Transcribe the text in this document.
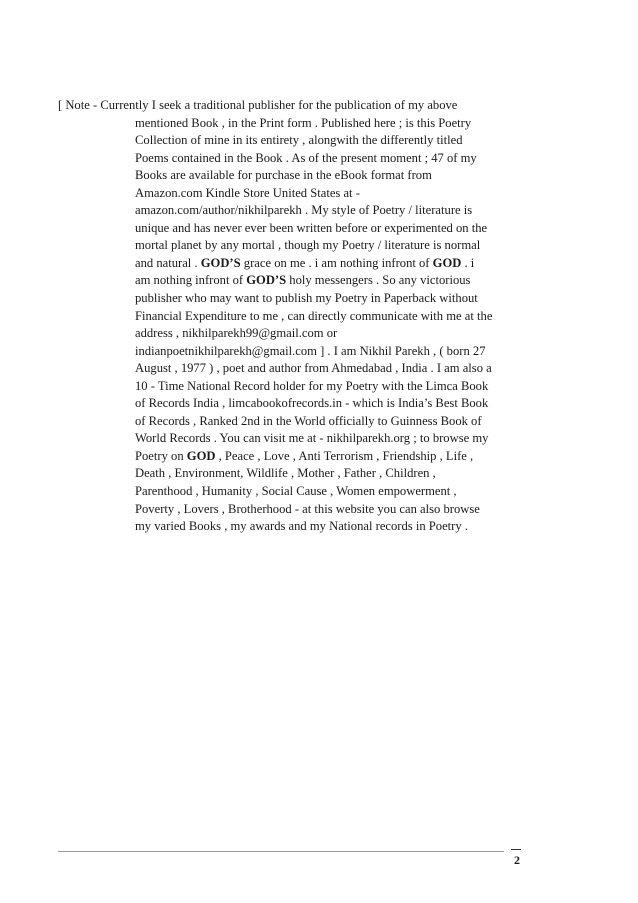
[ Note - Currently I seek a traditional publisher for the publication of my above
mentioned Book , in the Print form . Published here ; is this Poetry
Collection of mine in its entirety , alongwith the differently titled
Poems contained in the Book . As of the present moment ; 47 of my
Books are available for purchase in the eBook format from
Amazon.com Kindle Store United States at -
amazon.com/author/nikhilparekh . My style of Poetry / literature is
unique and has never ever been written before or experimented on the
mortal planet by any mortal , though my Poetry / literature is normal
and natural . GOD’S grace on me . i am nothing infront of GOD . i
am nothing infront of GOD’S holy messengers . So any victorious
publisher who may want to publish my Poetry in Paperback without
Financial Expenditure to me , can directly communicate with me at the
address , nikhilparekh99@gmail.com or
indianpoetnikhilparekh@gmail.com ] . I am Nikhil Parekh , ( born 27
August , 1977 ) , poet and author from Ahmedabad , India . I am also a
10 - Time National Record holder for my Poetry with the Limca Book
of Records India , limcabookofrecords.in - which is India’s Best Book
of Records , Ranked 2nd in the World officially to Guinness Book of
World Records . You can visit me at - nikhilparekh.org ; to browse my
Poetry on GOD , Peace , Love , Anti Terrorism , Friendship , Life ,
Death , Environment, Wildlife , Mother , Father , Children ,
Parenthood , Humanity , Social Cause , Women empowerment ,
Poverty , Lovers , Brotherhood - at this website you can also browse
my varied Books , my awards and my National records in Poetry .
2
